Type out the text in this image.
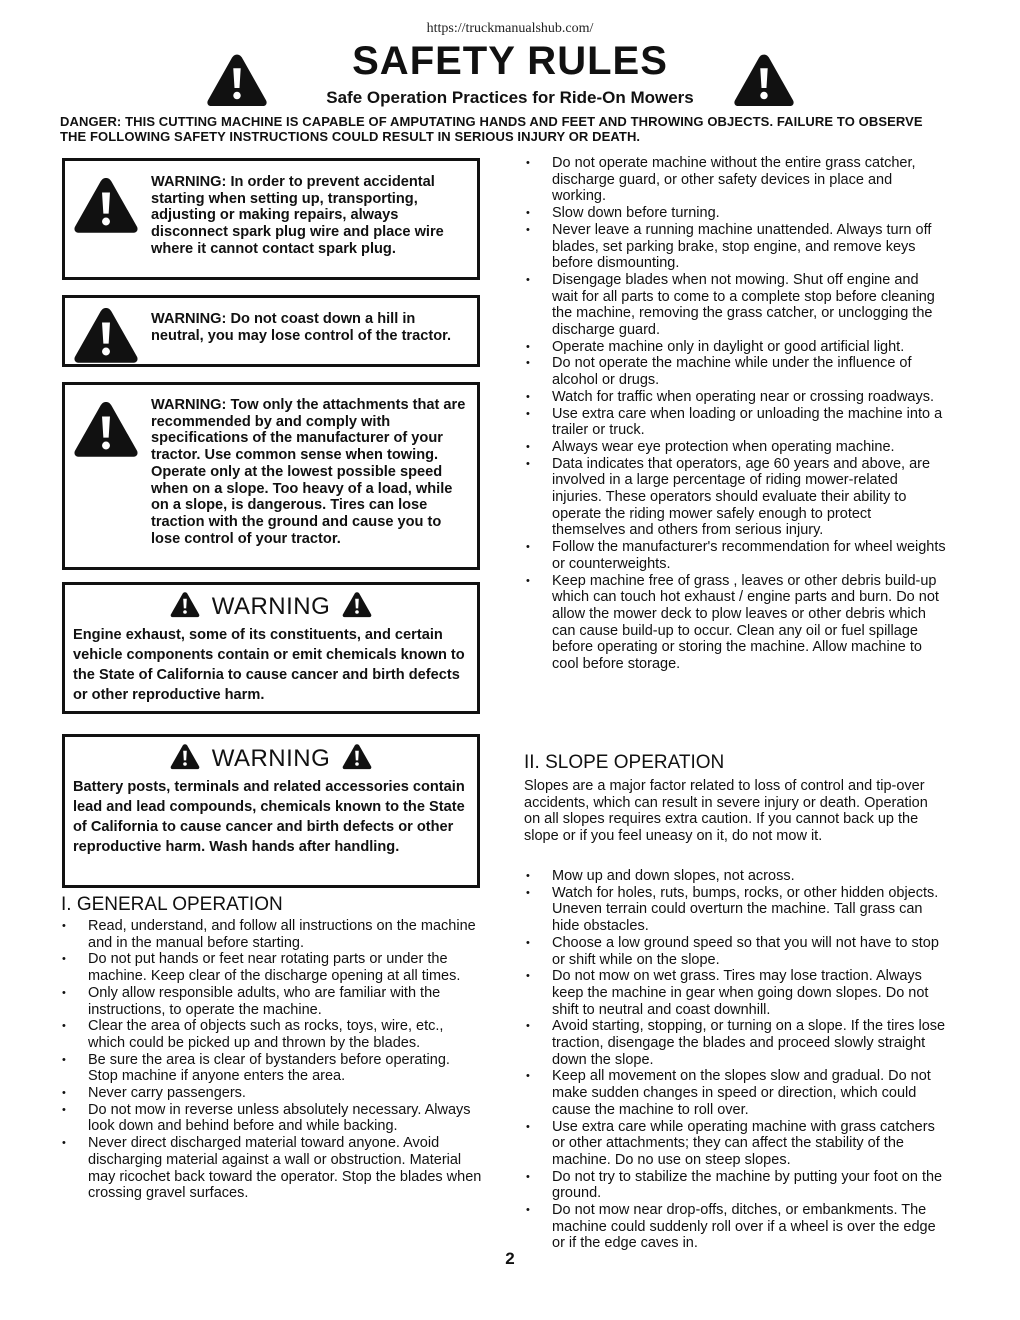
https://truckmanualshub.com/
SAFETY RULES
Safe Operation Practices for Ride-On Mowers
DANGER: THIS CUTTING MACHINE IS CAPABLE OF AMPUTATING HANDS AND FEET AND THROWING OBJECTS. FAILURE TO OBSERVE THE FOLLOWING SAFETY INSTRUCTIONS COULD RESULT IN SERIOUS INJURY OR DEATH.
WARNING: In order to prevent accidental starting when setting up, transporting, adjusting or making repairs, always disconnect spark plug wire and place wire where it cannot contact spark plug.
WARNING: Do not coast down a hill in neutral, you may lose control of the tractor.
WARNING: Tow only the attachments that are recommended by and comply with specifications of the manufacturer of your tractor. Use common sense when towing. Operate only at the lowest possible speed when on a slope. Too heavy of a load, while on a slope, is dangerous. Tires can lose traction with the ground and cause you to lose control of your tractor.
WARNING
Engine exhaust, some of its constituents, and certain vehicle components contain or emit chemicals known to the State of California to cause cancer and birth defects or other reproductive harm.
WARNING
Battery posts, terminals and related accessories contain lead and lead compounds, chemicals known to the State of California to cause cancer and birth defects or other reproductive harm. Wash hands after handling.
I. GENERAL OPERATION
• Read, understand, and follow all instructions on the machine and in the manual before starting.
• Do not put hands or feet near rotating parts or under the machine. Keep clear of the discharge opening at all times.
• Only allow responsible adults, who are familiar with the instructions, to operate the machine.
• Clear the area of objects such as rocks, toys, wire, etc., which could be picked up and thrown by the blades.
• Be sure the area is clear of bystanders before operating. Stop machine if anyone enters the area.
• Never carry passengers.
• Do not mow in reverse unless absolutely necessary. Always look down and behind before and while backing.
• Never direct discharged material toward anyone. Avoid discharging material against a wall or obstruction. Material may ricochet back toward the operator. Stop the blades when crossing gravel surfaces.
• Do not operate machine without the entire grass catcher, discharge guard, or other safety devices in place and working.
• Slow down before turning.
• Never leave a running machine unattended. Always turn off blades, set parking brake, stop engine, and remove keys before dismounting.
• Disengage blades when not mowing. Shut off engine and wait for all parts to come to a complete stop before cleaning the machine, removing the grass catcher, or unclogging the discharge guard.
• Operate machine only in daylight or good artificial light.
• Do not operate the machine while under the influence of alcohol or drugs.
• Watch for traffic when operating near or crossing roadways.
• Use extra care when loading or unloading the machine into a trailer or truck.
• Always wear eye protection when operating machine.
• Data indicates that operators, age 60 years and above, are involved in a large percentage of riding mower-related injuries. These operators should evaluate their ability to operate the riding mower safely enough to protect themselves and others from serious injury.
• Follow the manufacturer's recommendation for wheel weights or counterweights.
• Keep machine free of grass , leaves or other debris build-up which can touch hot exhaust / engine parts and burn. Do not allow the mower deck to plow leaves or other debris which can cause build-up to occur. Clean any oil or fuel spillage before operating or storing the machine. Allow machine to cool before storage.
II. SLOPE OPERATION

Slopes are a major factor related to loss of control and tip-over accidents, which can result in severe injury or death. Operation on all slopes requires extra caution. If you cannot back up the slope or if you feel uneasy on it, do not mow it.

• Mow up and down slopes, not across.
• Watch for holes, ruts, bumps, rocks, or other hidden objects. Uneven terrain could overturn the machine. Tall grass can hide obstacles.
• Choose a low ground speed so that you will not have to stop or shift while on the slope.
• Do not mow on wet grass. Tires may lose traction. Always keep the machine in gear when going down slopes. Do not shift to neutral and coast downhill.
• Avoid starting, stopping, or turning on a slope. If the tires lose traction, disengage the blades and proceed slowly straight down the slope.
• Keep all movement on the slopes slow and gradual. Do not make sudden changes in speed or direction, which could cause the machine to roll over.
• Use extra care while operating machine with grass catchers or other attachments; they can affect the stability of the machine. Do no use on steep slopes.
• Do not try to stabilize the machine by putting your foot on the ground.
• Do not mow near drop-offs, ditches, or embankments. The machine could suddenly roll over if a wheel is over the edge or if the edge caves in.
2
